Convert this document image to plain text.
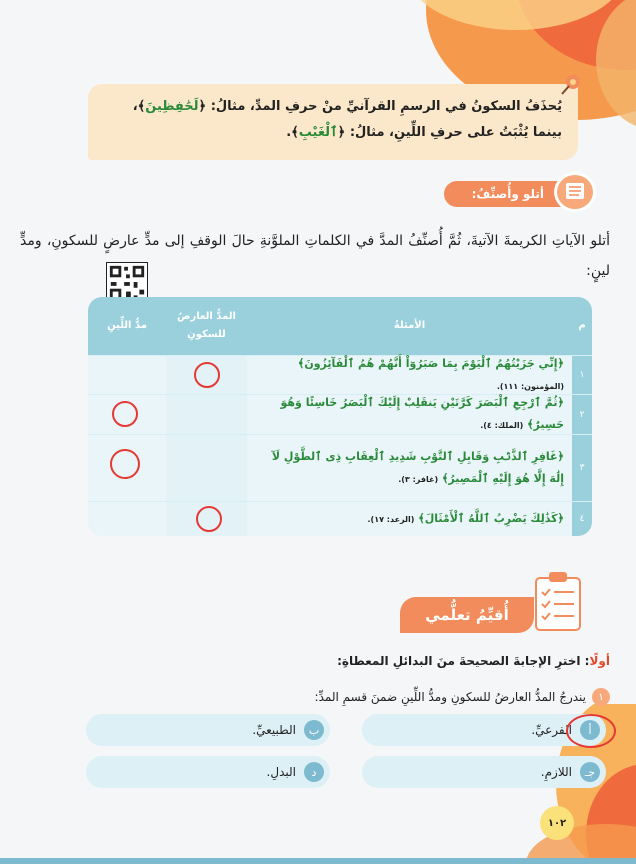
يُحذَفُ السكونُ في الرسمِ القرآنيِّ منْ حرفِ المدِّ، مثالُ: ﴿لَحَٰفِظِينَ﴾،
بينما يُثْبَتُ على حرفِ اللِّينِ، مثالُ: ﴿ٱلْغَيْبِ﴾.
أتلو وأُصنِّفُ:
أتلو الآياتِ الكريمةَ الآتيةَ، ثُمَّ أُصنِّفُ المدَّ في الكلماتِ الملوَّنةِ حالَ الوقفِ إلى مدٍّ عارضٍ للسكونِ، ومدٍّ لينٍ:
م
الأمثلةُ
المدُّ العارضُ للسكونِ
مدُّ اللِّينِ
١
﴿إِنِّي جَزَيْتُهُمُ ٱلْيَوْمَ بِمَا صَبَرُوٓاْ أَنَّهُمْ هُمُ ٱلْفَآئِزُونَ﴾ (المؤمنون: ١١١).
٢
﴿ثُمَّ ٱرْجِعِ ٱلْبَصَرَ كَرَّتَيْنِ يَنقَلِبْ إِلَيْكَ ٱلْبَصَرُ خَاسِئًا وَهُوَ حَسِيرٌ﴾ (الملك: ٤).
٣
﴿غَافِرِ ٱلذَّنۢبِ وَقَابِلِ ٱلتَّوْبِ شَدِيدِ ٱلْعِقَابِ ذِى ٱلطَّوْلِ لَآ إِلَٰهَ إِلَّا هُوَ إِلَيْهِ ٱلْمَصِيرُ﴾ (غافر: ٣).
٤
﴿كَذَٰلِكَ يَضْرِبُ ٱللَّهُ ٱلْأَمْثَالَ﴾ (الرعد: ١٧).
أُقيِّمُ تعلُّمي
أولًا: اخترِ الإجابةَ الصحيحةَ منَ البدائلِ المعطاةِ:
١
يندرجُ المدُّ العارضُ للسكونِ ومدُّ اللِّينِ ضمنَ قسمِ المدِّ:
أ
الفرعيِّ.
ب
الطبيعيِّ.
جـ
اللازمِ.
د
البدلِ.
١٠٢
